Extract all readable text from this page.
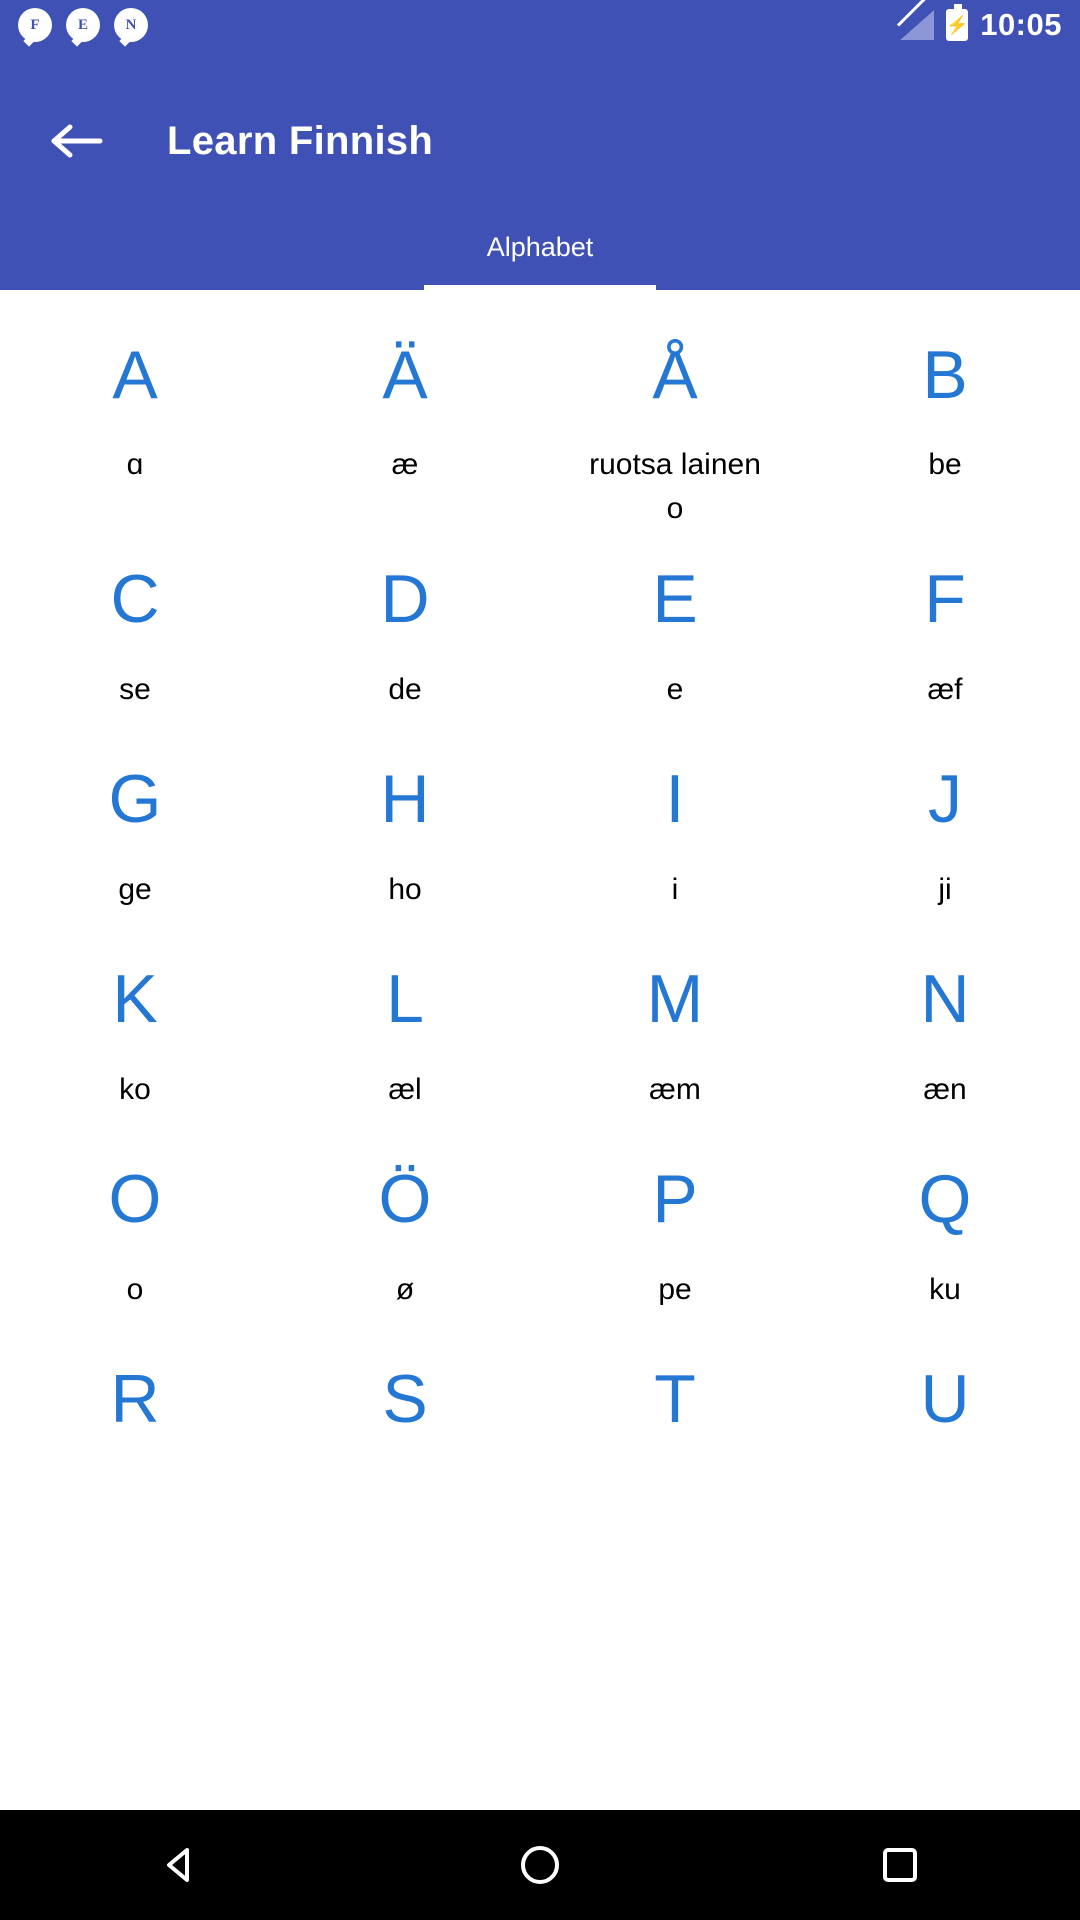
F	E	N	⚡ 10:05
Learn Finnish
Alphabet
A
ɑ
Ä
æ
Å
ruotsa lainen o
B
be
C
se
D
de
E
e
F
æf
G
ge
H
ho
I
i
J
ji
K
ko
L
æl
M
æm
N
æn
O
o
Ö
ø
P
pe
Q
ku
R	S	T	U
